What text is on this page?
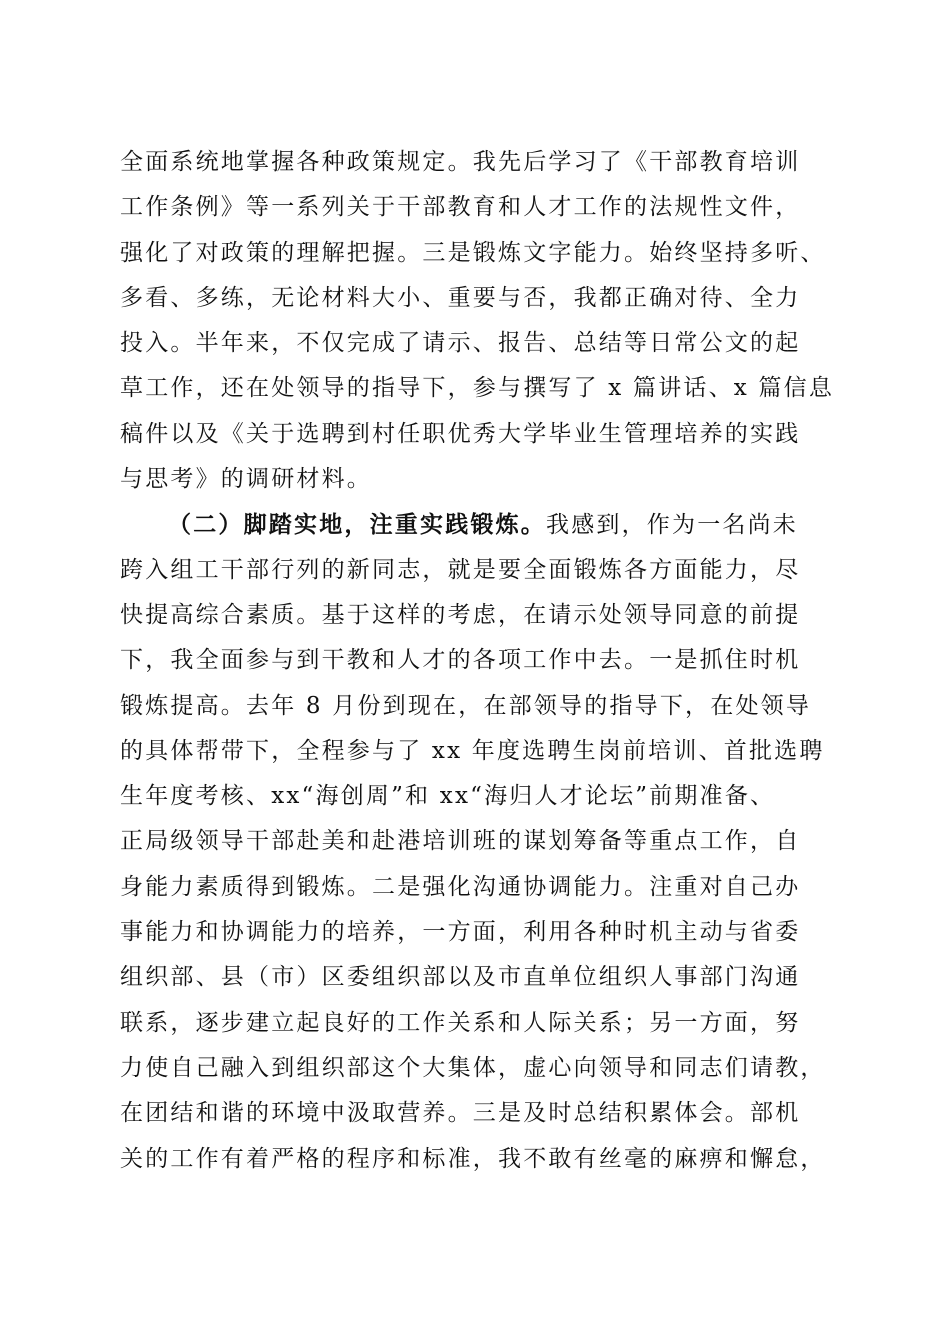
全面系统地掌握各种政策规定。我先后学习了《干部教育培训
工作条例》等一系列关于干部教育和人才工作的法规性文件，
强化了对政策的理解把握。三是锻炼文字能力。始终坚持多听、
多看、多练，无论材料大小、重要与否，我都正确对待、全力
投入。半年来，不仅完成了请示、报告、总结等日常公文的起
草工作，还在处领导的指导下，参与撰写了 x 篇讲话、x 篇信息
稿件以及《关于选聘到村任职优秀大学毕业生管理培养的实践
与思考》的调研材料。
（二）脚踏实地，注重实践锻炼。我感到，作为一名尚未
跨入组工干部行列的新同志，就是要全面锻炼各方面能力，尽
快提高综合素质。基于这样的考虑，在请示处领导同意的前提
下，我全面参与到干教和人才的各项工作中去。一是抓住时机
锻炼提高。去年 8 月份到现在，在部领导的指导下，在处领导
的具体帮带下，全程参与了 xx 年度选聘生岗前培训、首批选聘
生年度考核、xx“海创周”和 xx“海归人才论坛”前期准备、
正局级领导干部赴美和赴港培训班的谋划筹备等重点工作，自
身能力素质得到锻炼。二是强化沟通协调能力。注重对自己办
事能力和协调能力的培养，一方面，利用各种时机主动与省委
组织部、县（市）区委组织部以及市直单位组织人事部门沟通
联系，逐步建立起良好的工作关系和人际关系；另一方面，努
力使自己融入到组织部这个大集体，虚心向领导和同志们请教，
在团结和谐的环境中汲取营养。三是及时总结积累体会。部机
关的工作有着严格的程序和标准，我不敢有丝毫的麻痹和懈怠，
